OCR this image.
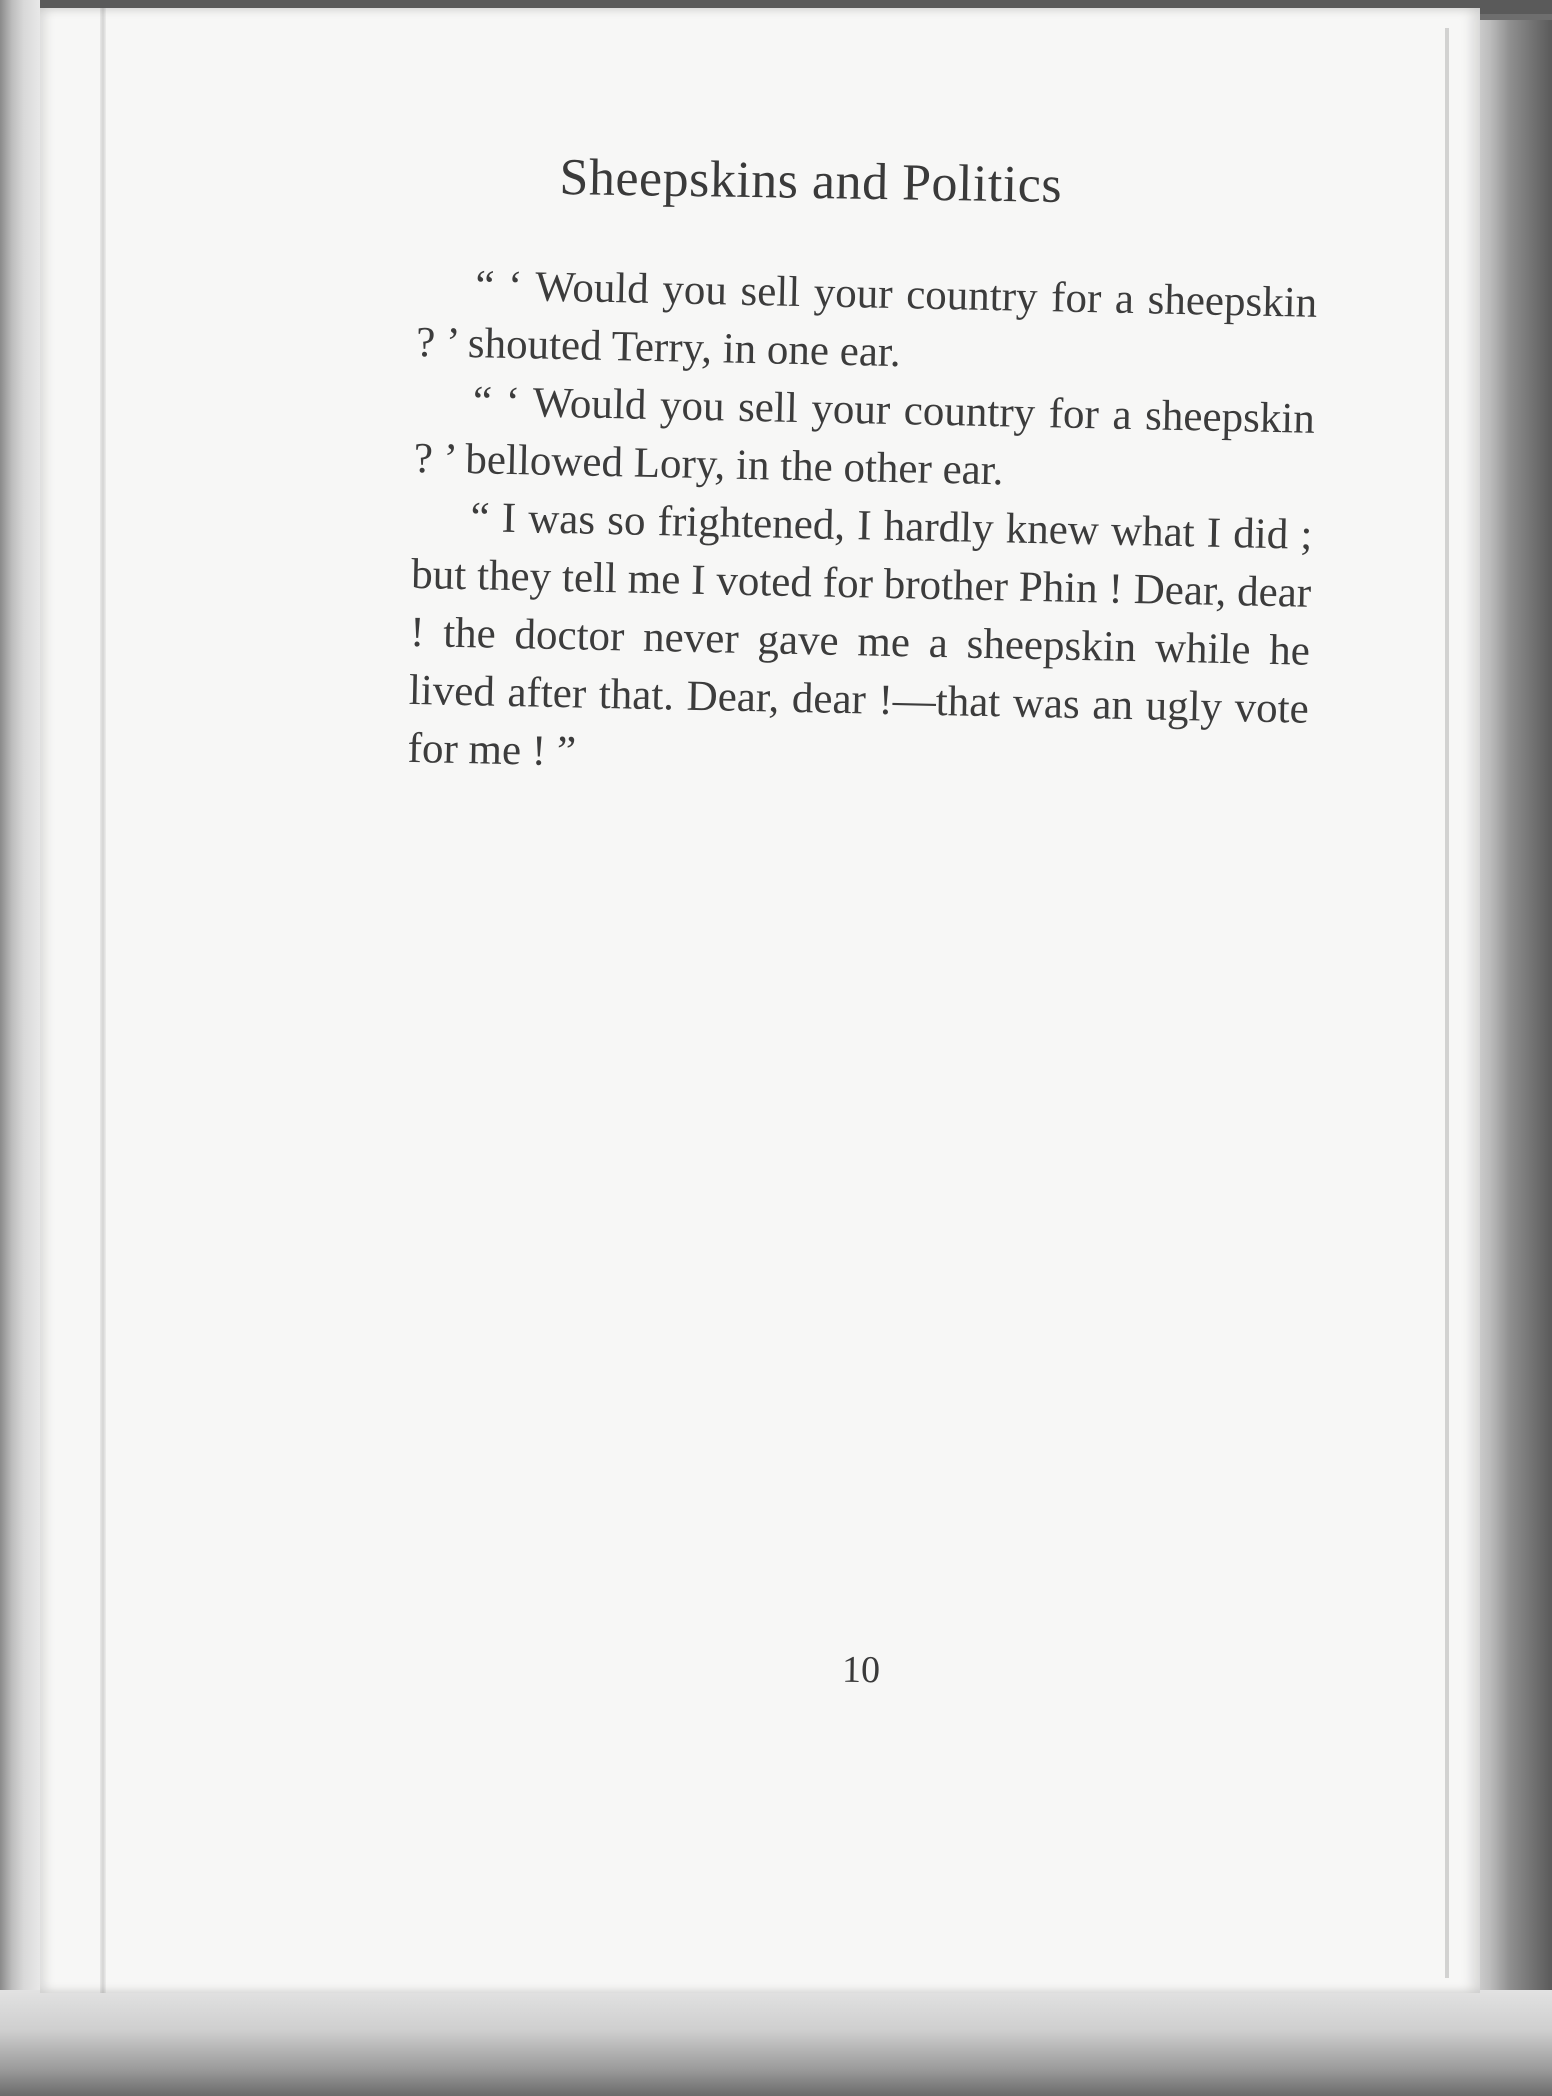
Sheepskins and Politics

“ ‘ Would you sell your country for a sheepskin ? ’ shouted Terry, in one ear.

“ ‘ Would you sell your country for a sheepskin ? ’ bellowed Lory, in the other ear.

“ I was so frightened, I hardly knew what I did ; but they tell me I voted for brother Phin ! Dear, dear ! the doctor never gave me a sheepskin while he lived after that. Dear, dear !—that was an ugly vote for me ! ”

10
